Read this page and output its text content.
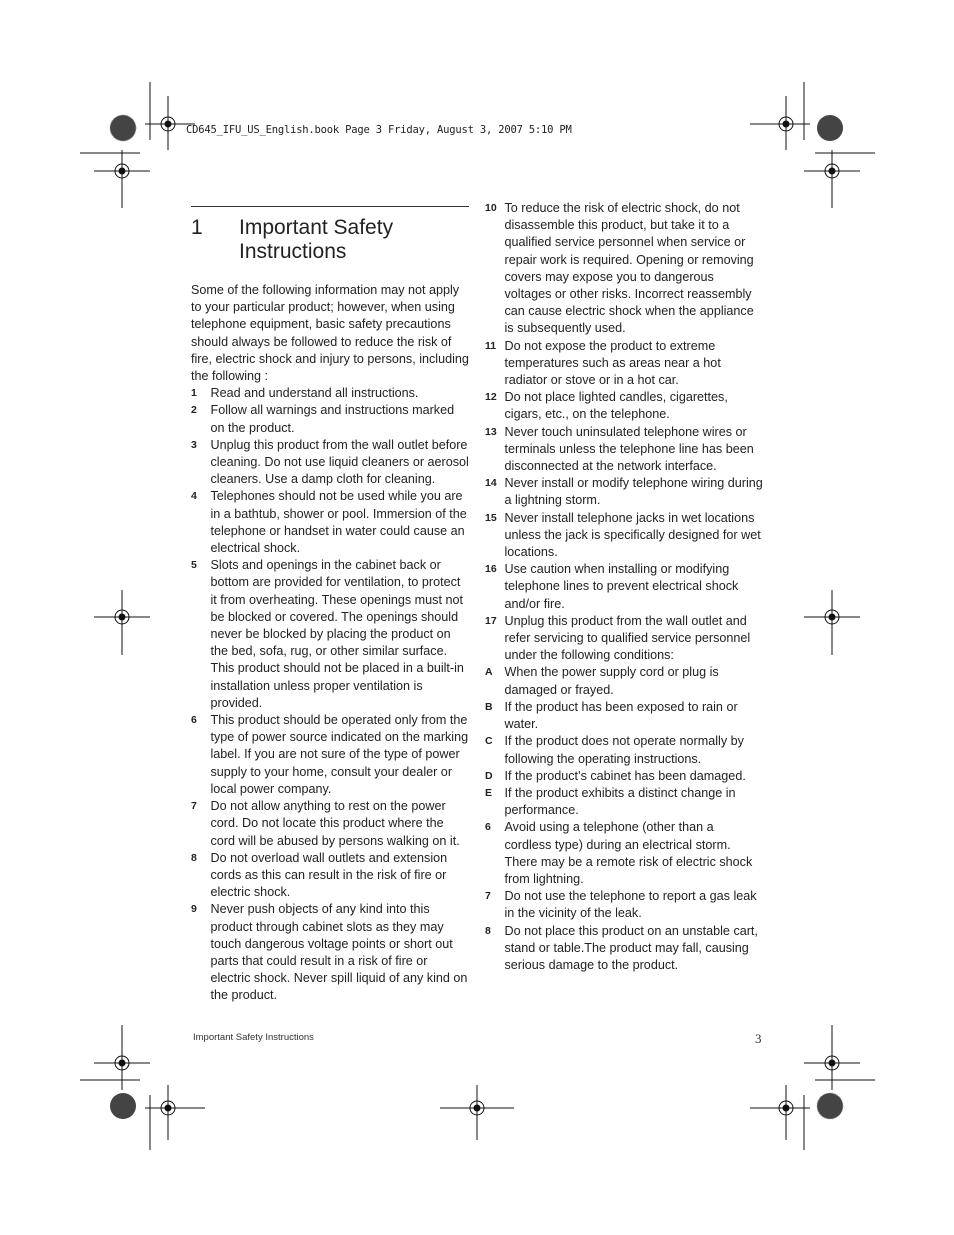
CD645_IFU_US_English.book Page 3 Friday, August 3, 2007 5:10 PM
1 Important Safety Instructions
Some of the following information may not apply to your particular product; however, when using telephone equipment, basic safety precautions should always be followed to reduce the risk of fire, electric shock and injury to persons, including the following :
1 Read and understand all instructions.
2 Follow all warnings and instructions marked on the product.
3 Unplug this product from the wall outlet before cleaning. Do not use liquid cleaners or aerosol cleaners. Use a damp cloth for cleaning.
4 Telephones should not be used while you are in a bathtub, shower or pool. Immersion of the telephone or handset in water could cause an electrical shock.
5 Slots and openings in the cabinet back or bottom are provided for ventilation, to protect it from overheating. These openings must not be blocked or covered. The openings should never be blocked by placing the product on the bed, sofa, rug, or other similar surface. This product should not be placed in a built-in installation unless proper ventilation is provided.
6 This product should be operated only from the type of power source indicated on the marking label. If you are not sure of the type of power supply to your home, consult your dealer or local power company.
7 Do not allow anything to rest on the power cord. Do not locate this product where the cord will be abused by persons walking on it.
8 Do not overload wall outlets and extension cords as this can result in the risk of fire or electric shock.
9 Never push objects of any kind into this product through cabinet slots as they may touch dangerous voltage points or short out parts that could result in a risk of fire or electric shock. Never spill liquid of any kind on the product.
10 To reduce the risk of electric shock, do not disassemble this product, but take it to a qualified service personnel when service or repair work is required. Opening or removing covers may expose you to dangerous voltages or other risks. Incorrect reassembly can cause electric shock when the appliance is subsequently used.
11 Do not expose the product to extreme temperatures such as areas near a hot radiator or stove or in a hot car.
12 Do not place lighted candles, cigarettes, cigars, etc., on the telephone.
13 Never touch uninsulated telephone wires or terminals unless the telephone line has been disconnected at the network interface.
14 Never install or modify telephone wiring during a lightning storm.
15 Never install telephone jacks in wet locations unless the jack is specifically designed for wet locations.
16 Use caution when installing or modifying telephone lines to prevent electrical shock and/or fire.
17 Unplug this product from the wall outlet and refer servicing to qualified service personnel under the following conditions:
A When the power supply cord or plug is damaged or frayed.
B If the product has been exposed to rain or water.
C If the product does not operate normally by following the operating instructions.
D If the product’s cabinet has been damaged.
E If the product exhibits a distinct change in performance.
6 Avoid using a telephone (other than a cordless type) during an electrical storm. There may be a remote risk of electric shock from lightning.
7 Do not use the telephone to report a gas leak in the vicinity of the leak.
8 Do not place this product on an unstable cart, stand or table.The product may fall, causing serious damage to the product.
Important Safety Instructions	3
